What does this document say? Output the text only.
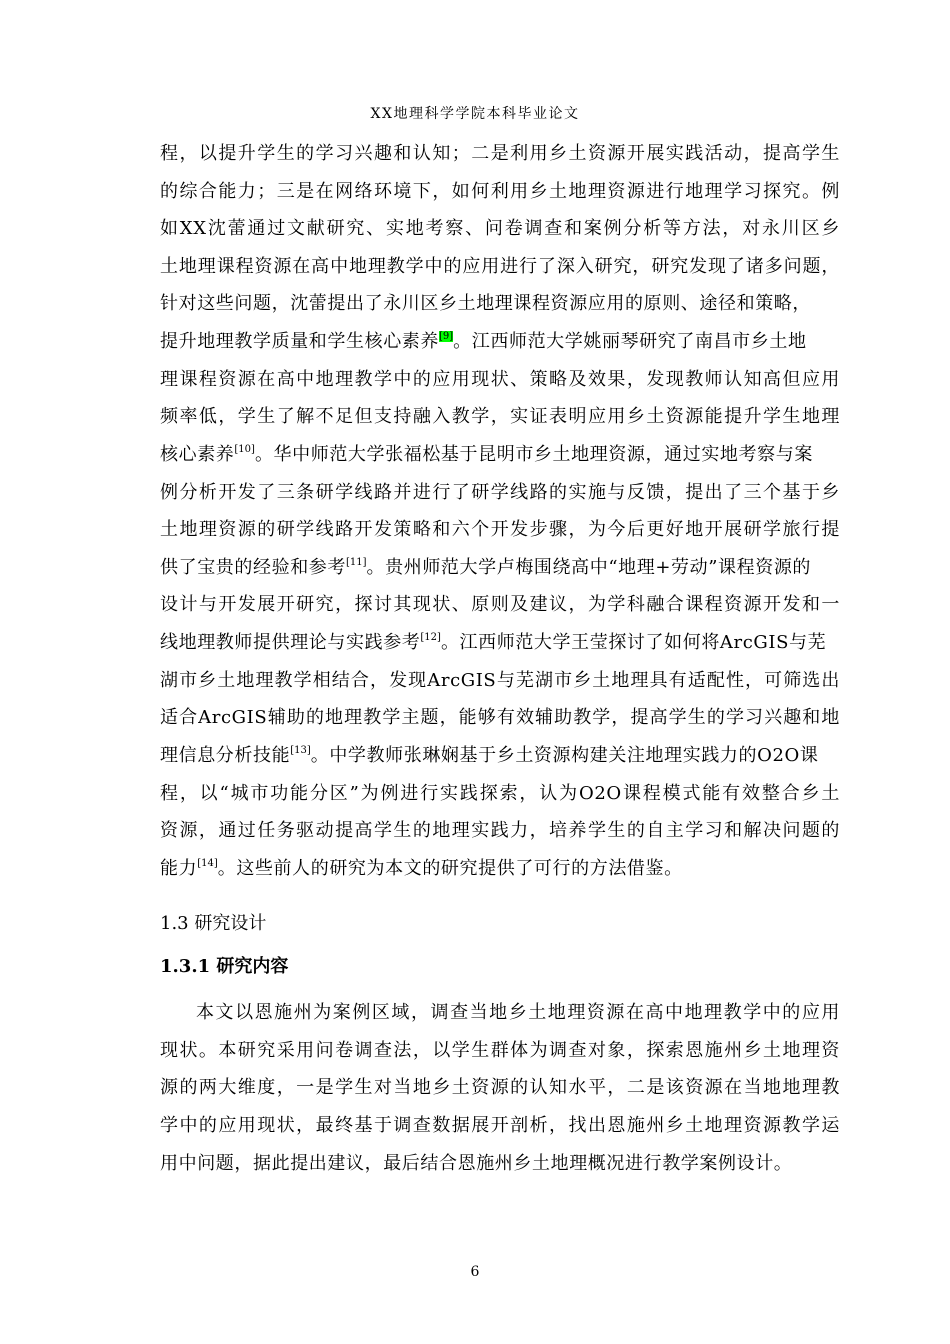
XX地理科学学院本科毕业论文
程，以提升学生的学习兴趣和认知；二是利用乡土资源开展实践活动，提高学生
的综合能力；三是在网络环境下，如何利用乡土地理资源进行地理学习探究。例
如XX沈蕾通过文献研究、实地考察、问卷调查和案例分析等方法，对永川区乡
土地理课程资源在高中地理教学中的应用进行了深入研究，研究发现了诸多问题，
针对这些问题，沈蕾提出了永川区乡土地理课程资源应用的原则、途径和策略，
提升地理教学质量和学生核心素养[9]。江西师范大学姚丽琴研究了南昌市乡土地
理课程资源在高中地理教学中的应用现状、策略及效果，发现教师认知高但应用
频率低，学生了解不足但支持融入教学，实证表明应用乡土资源能提升学生地理
核心素养[10]。华中师范大学张福松基于昆明市乡土地理资源，通过实地考察与案
例分析开发了三条研学线路并进行了研学线路的实施与反馈，提出了三个基于乡
土地理资源的研学线路开发策略和六个开发步骤，为今后更好地开展研学旅行提
供了宝贵的经验和参考[11]。贵州师范大学卢梅围绕高中“地理+劳动”课程资源的
设计与开发展开研究，探讨其现状、原则及建议，为学科融合课程资源开发和一
线地理教师提供理论与实践参考[12]。江西师范大学王莹探讨了如何将ArcGIS与芜
湖市乡土地理教学相结合，发现ArcGIS与芜湖市乡土地理具有适配性，可筛选出
适合ArcGIS辅助的地理教学主题，能够有效辅助教学，提高学生的学习兴趣和地
理信息分析技能[13]。中学教师张琳娴基于乡土资源构建关注地理实践力的O2O课
程，以“城市功能分区”为例进行实践探索，认为O2O课程模式能有效整合乡土
资源，通过任务驱动提高学生的地理实践力，培养学生的自主学习和解决问题的
能力[14]。这些前人的研究为本文的研究提供了可行的方法借鉴。
1.3 研究设计
1.3.1 研究内容
本文以恩施州为案例区域，调查当地乡土地理资源在高中地理教学中的应用
现状。本研究采用问卷调查法，以学生群体为调查对象，探索恩施州乡土地理资
源的两大维度，一是学生对当地乡土资源的认知水平，二是该资源在当地地理教
学中的应用现状，最终基于调查数据展开剖析，找出恩施州乡土地理资源教学运
用中问题，据此提出建议，最后结合恩施州乡土地理概况进行教学案例设计。
6
